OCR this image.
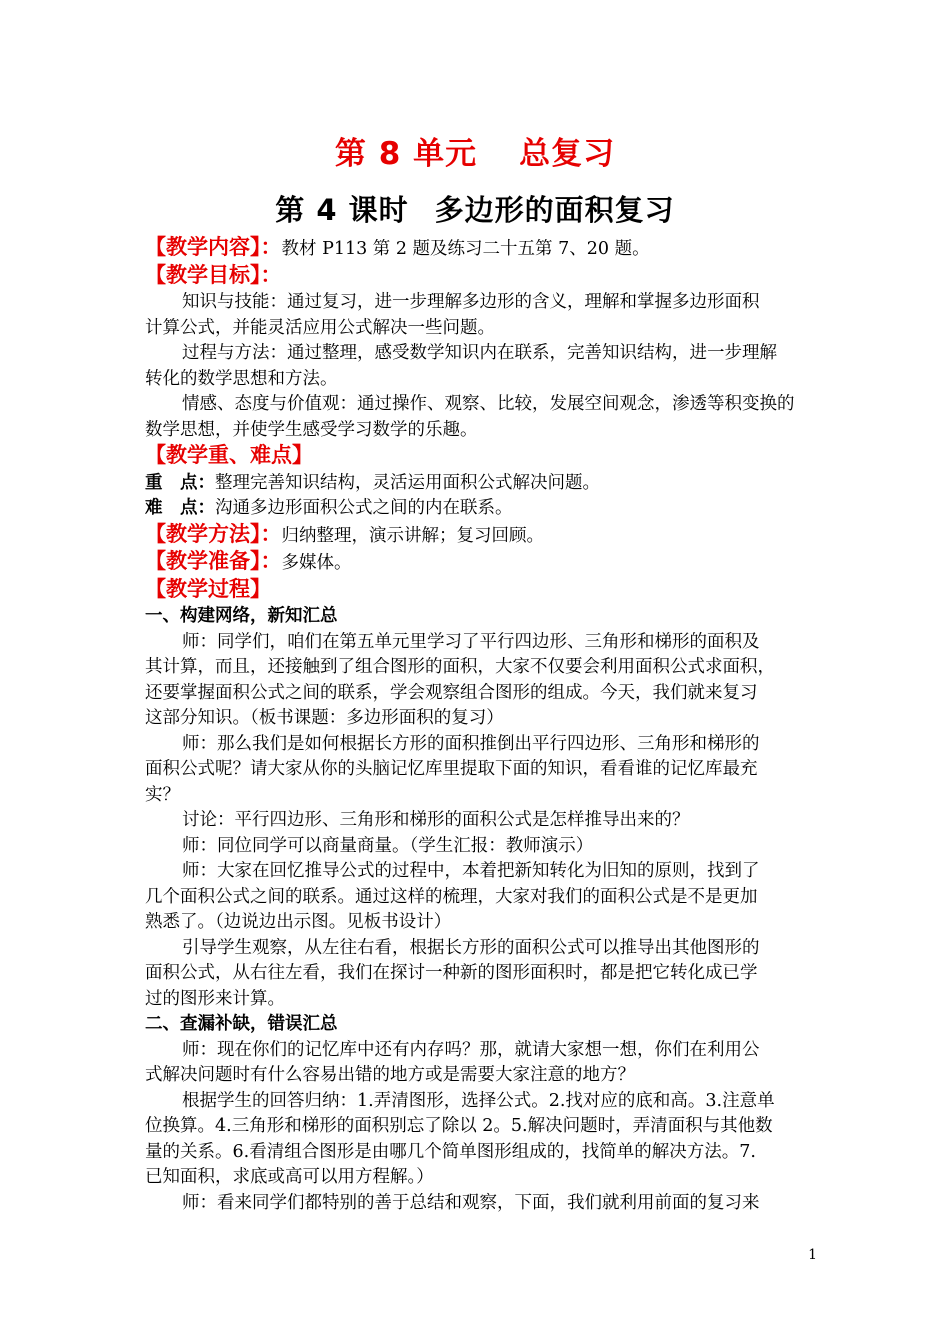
第 8 单元 总复习
第 4 课时 多边形的面积复习

【教学内容】：教材 P113 第 2 题及练习二十五第 7、20 题。

【教学目标】：

知识与技能：通过复习，进一步理解多边形的含义，理解和掌握多边形面积

计算公式，并能灵活应用公式解决一些问题。

过程与方法：通过整理，感受数学知识内在联系，完善知识结构，进一步理解

转化的数学思想和方法。

情感、态度与价值观：通过操作、观察、比较，发展空间观念，渗透等积变换的

数学思想，并使学生感受学习数学的乐趣。

【教学重、难点】

重　点：整理完善知识结构，灵活运用面积公式解决问题。

难　点：沟通多边形面积公式之间的内在联系。

【教学方法】：归纳整理，演示讲解；复习回顾。

【教学准备】：多媒体。

【教学过程】

一、构建网络，新知汇总

师：同学们，咱们在第五单元里学习了平行四边形、三角形和梯形的面积及

其计算，而且，还接触到了组合图形的面积，大家不仅要会利用面积公式求面积，

还要掌握面积公式之间的联系，学会观察组合图形的组成。今天，我们就来复习

这部分知识。（板书课题：多边形面积的复习）

师：那么我们是如何根据长方形的面积推倒出平行四边形、三角形和梯形的

面积公式呢？请大家从你的头脑记忆库里提取下面的知识，看看谁的记忆库最充

实？

讨论：平行四边形、三角形和梯形的面积公式是怎样推导出来的？

师：同位同学可以商量商量。（学生汇报：教师演示）

师：大家在回忆推导公式的过程中，本着把新知转化为旧知的原则，找到了

几个面积公式之间的联系。通过这样的梳理，大家对我们的面积公式是不是更加

熟悉了。（边说边出示图。见板书设计）

引导学生观察，从左往右看，根据长方形的面积公式可以推导出其他图形的

面积公式，从右往左看，我们在探讨一种新的图形面积时，都是把它转化成已学

过的图形来计算。

二、查漏补缺，错误汇总

师：现在你们的记忆库中还有内存吗？那，就请大家想一想，你们在利用公

式解决问题时有什么容易出错的地方或是需要大家注意的地方？

根据学生的回答归纳：1.弄清图形，选择公式。2.找对应的底和高。3.注意单

位换算。4.三角形和梯形的面积别忘了除以 2。5.解决问题时，弄清面积与其他数

量的关系。6.看清组合图形是由哪几个简单图形组成的，找简单的解决方法。7.

已知面积，求底或高可以用方程解。）

师：看来同学们都特别的善于总结和观察，下面，我们就利用前面的复习来

1
